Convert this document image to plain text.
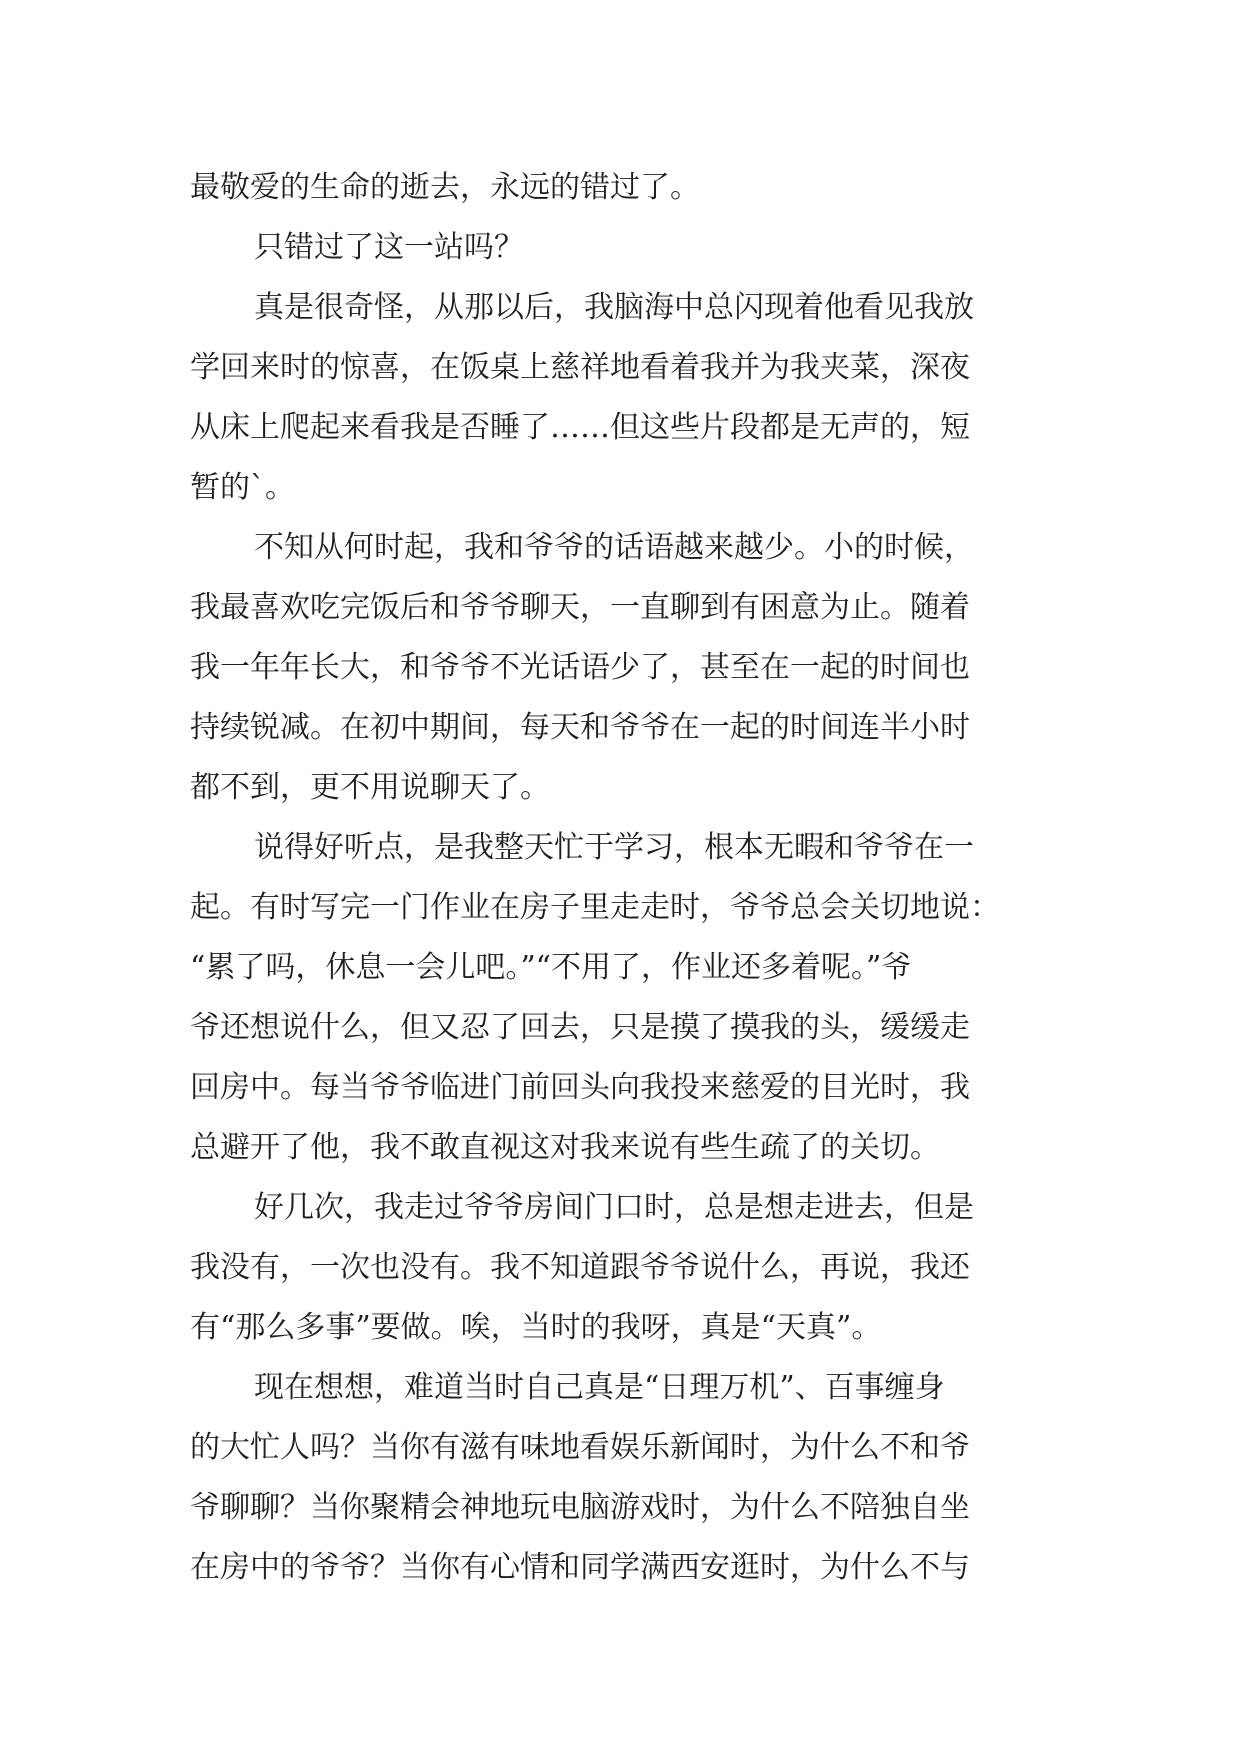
最敬爱的生命的逝去，永远的错过了。
只错过了这一站吗？
真是很奇怪，从那以后，我脑海中总闪现着他看见我放
学回来时的惊喜，在饭桌上慈祥地看着我并为我夹菜，深夜
从床上爬起来看我是否睡了……但这些片段都是无声的，短
暂的`。
不知从何时起，我和爷爷的话语越来越少。小的时候，
我最喜欢吃完饭后和爷爷聊天，一直聊到有困意为止。随着
我一年年长大，和爷爷不光话语少了，甚至在一起的时间也
持续锐减。在初中期间，每天和爷爷在一起的时间连半小时
都不到，更不用说聊天了。
说得好听点，是我整天忙于学习，根本无暇和爷爷在一
起。有时写完一门作业在房子里走走时，爷爷总会关切地说：
“累了吗，休息一会儿吧。”“不用了，作业还多着呢。”爷
爷还想说什么，但又忍了回去，只是摸了摸我的头，缓缓走
回房中。每当爷爷临进门前回头向我投来慈爱的目光时，我
总避开了他，我不敢直视这对我来说有些生疏了的关切。
好几次，我走过爷爷房间门口时，总是想走进去，但是
我没有，一次也没有。我不知道跟爷爷说什么，再说，我还
有“那么多事”要做。唉，当时的我呀，真是“天真”。
现在想想，难道当时自己真是“日理万机”、百事缠身
的大忙人吗？当你有滋有味地看娱乐新闻时，为什么不和爷
爷聊聊？当你聚精会神地玩电脑游戏时，为什么不陪独自坐
在房中的爷爷？当你有心情和同学满西安逛时，为什么不与
